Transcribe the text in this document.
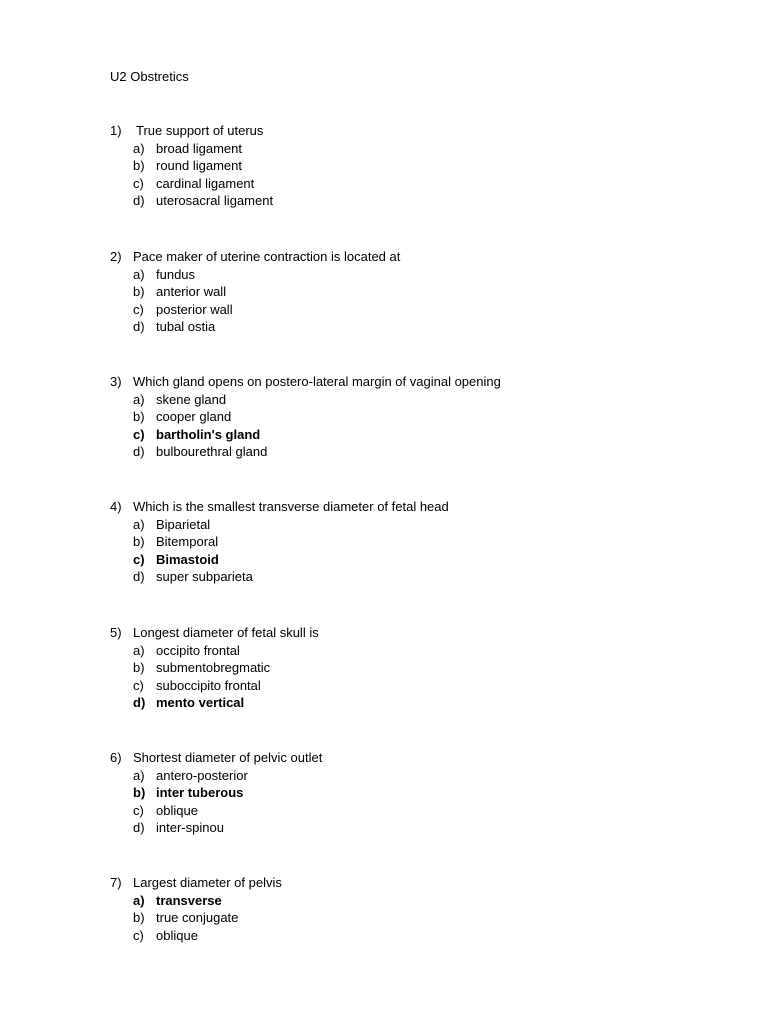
U2 Obstretics
1) True support of uterus
a) broad ligament
b) round ligament
c) cardinal ligament
d) uterosacral ligament
2) Pace maker of uterine contraction is located at
a) fundus
b) anterior wall
c) posterior wall
d) tubal ostia
3) Which gland opens on postero-lateral margin of vaginal opening
a) skene gland
b) cooper gland
c) bartholin's gland
d) bulbourethral gland
4) Which is the smallest transverse diameter of fetal head
a) Biparietal
b) Bitemporal
c) Bimastoid
d) super subparieta
5) Longest diameter of fetal skull is
a) occipito frontal
b) submentobregmatic
c) suboccipito frontal
d) mento vertical
6) Shortest diameter of pelvic outlet
a) antero-posterior
b) inter tuberous
c) oblique
d) inter-spinou
7) Largest diameter of pelvis
a) transverse
b) true conjugate
c) oblique
